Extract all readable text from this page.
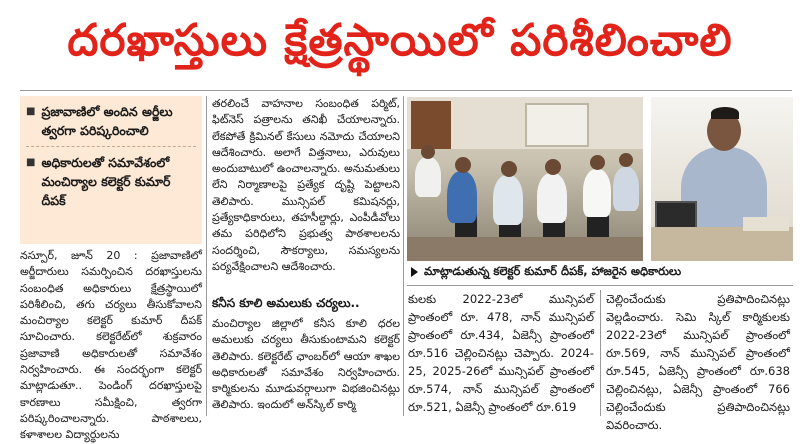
దరఖాస్తులు క్షేత్రస్థాయిలో పరిశీలించాలి
■ ప్రజావాణిలో అందిన అర్జీలు త్వరగా పరిష్కరించాలి
■ అధికారులతో సమావేశంలో మంచిర్యాల కలెక్టర్ కుమార్ దీపక్
నస్పూర్, జూన్ 20 : ప్రజావాణిలో అర్జీదారులు సమర్పించిన దరఖాస్తులను సంబంధిత అధికారులు క్షేత్రస్థాయిలో పరిశీలించి, తగు చర్యలు తీసుకోవాలని మంచిర్యాల కలెక్టర్ కుమార్ దీపక్ సూచించారు. కలెక్టరేట్‌లో శుక్రవారం ప్రజావాణి అధికారులతో సమావేశం నిర్వహించారు. ఈ సందర్భంగా కలెక్టర్ మాట్లాడుతూ.. పెండింగ్ దరఖాస్తులపై కారణాలు సమీక్షించి, త్వరగా పరిష్కరించాలన్నారు. పాఠశాలలు, కళాశాలల విద్యార్థులను
తరలించే వాహనాల సంబంధిత పర్మిట్, ఫిట్‌నెస్ పత్రాలను తనిఖీ చేయాలన్నారు. లేకపోతే క్రిమినల్ కేసులు నమోదు చేయాలని ఆదేశించారు. అలాగే విత్తనాలు, ఎరువులు అందుబాటులో ఉంచాలన్నారు. అనుమతులు లేని నిర్మాణాలపై ప్రత్యేక దృష్టి పెట్టాలని తెలిపారు. మున్సిపల్ కమిషనర్లు, ప్రత్యేకాధికారులు, తహసీల్దార్లు, ఎంపీడీవోలు తమ పరిధిలోని ప్రభుత్వ పాఠశాలలను సందర్శించి, సౌకర్యాలు, సమస్యలను పర్యవేక్షించాలని ఆదేశించారు.
కనీస కూలి అమలుకు చర్యలు..
మంచిర్యాల జిల్లాలో కనీస కూలి ధరల అమలుకు చర్యలు తీసుకుంటామని కలెక్టర్ తెలిపారు. కలెక్టరేట్ ఛాంబర్‌లో ఆయా శాఖల అధికారులతో సమావేశం నిర్వహించారు. కార్మికులను మూడువర్గాలుగా విభజించినట్లు తెలిపారు. ఇందులో అన్‌స్కిల్ కార్మి
మాట్లాడుతున్న కలెక్టర్ కుమార్ దీపక్, హాజరైన అధికారులు
కులకు 2022-23లో మున్సిపల్ ప్రాంతంలో రూ. 478, నాన్ మున్సిపల్ ప్రాంతంలో రూ.434, ఏజెన్సీ ప్రాంతంలో రూ.516 చెల్లించినట్లు చెప్పారు. 2024-25, 2025-26లో మున్సిపల్ ప్రాంతంలో రూ.574, నాన్ మున్సిపల్ ప్రాంతంలో రూ.521, ఏజెన్సీ ప్రాంతంలో రూ.619
చెల్లించేందుకు ప్రతిపాదించినట్లు వెల్లడించారు. సెమి స్కిల్ కార్మికులకు 2022-23లో మున్సిపల్ ప్రాంతంలో రూ.569, నాన్ మున్సిపల్ ప్రాంతంలో రూ.545, ఏజెన్సీ ప్రాంతంలో రూ.638 చెల్లించినట్లు, ఏజెన్సీ ప్రాంతంలో 766 చెల్లించేందుకు ప్రతిపాదించినట్లు వివరించారు.
